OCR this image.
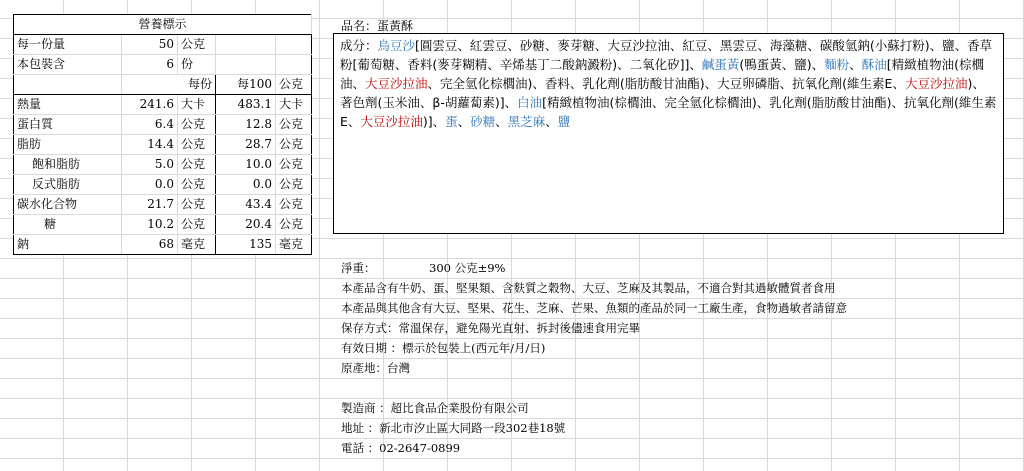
營養標示				
每一份量	50	公克		
本包裝含	6	份		
	每份		每100	公克
熱量	241.6	大卡	483.1	大卡
蛋白質	6.4	公克	12.8	公克
脂肪	14.4	公克	28.7	公克
飽和脂肪	5.0	公克	10.0	公克
反式脂肪	0.0	公克	0.0	公克
碳水化合物	21.7	公克	43.4	公克
糖	10.2	公克	20.4	公克
鈉	68	毫克	135	毫克
品名：蛋黃酥
成分：烏豆沙[圓雲豆、紅雲豆、砂糖、麥芽糖、大豆沙拉油、紅豆、黑雲豆、海藻糖、碳酸氫鈉(小蘇打粉)、鹽、香草粉[葡萄糖、香料(麥芽糊精、辛烯基丁二酸鈉澱粉)、二氧化矽]]、鹹蛋黃(鴨蛋黃、鹽)、麵粉、酥油[精緻植物油(棕櫚油、大豆沙拉油、完全氫化棕櫚油)、香料、乳化劑(脂肪酸甘油酯)、大豆卵磷脂、抗氧化劑(維生素E、大豆沙拉油)、著色劑(玉米油、β-胡蘿蔔素)]、白油[精緻植物油(棕櫚油、完全氫化棕櫚油)、乳化劑(脂肪酸甘油酯)、抗氧化劑(維生素E、大豆沙拉油)]、蛋、砂糖、黑芝麻、鹽
淨重：	300 公克±9%
本產品含有牛奶、蛋、堅果類、含麩質之穀物、大豆、芝麻及其製品，不適合對其過敏體質者食用
本產品與其他含有大豆、堅果、花生、芝麻、芒果、魚類的產品於同一工廠生產，食物過敏者請留意
保存方式：常溫保存，避免陽光直射、拆封後儘速食用完畢
有效日期 ：標示於包裝上(西元年/月/日)
原產地：台灣
製造商 ：超比食品企業股份有限公司
地址 ：新北市汐止區大同路一段302巷18號
電話 ：02-2647-0899
